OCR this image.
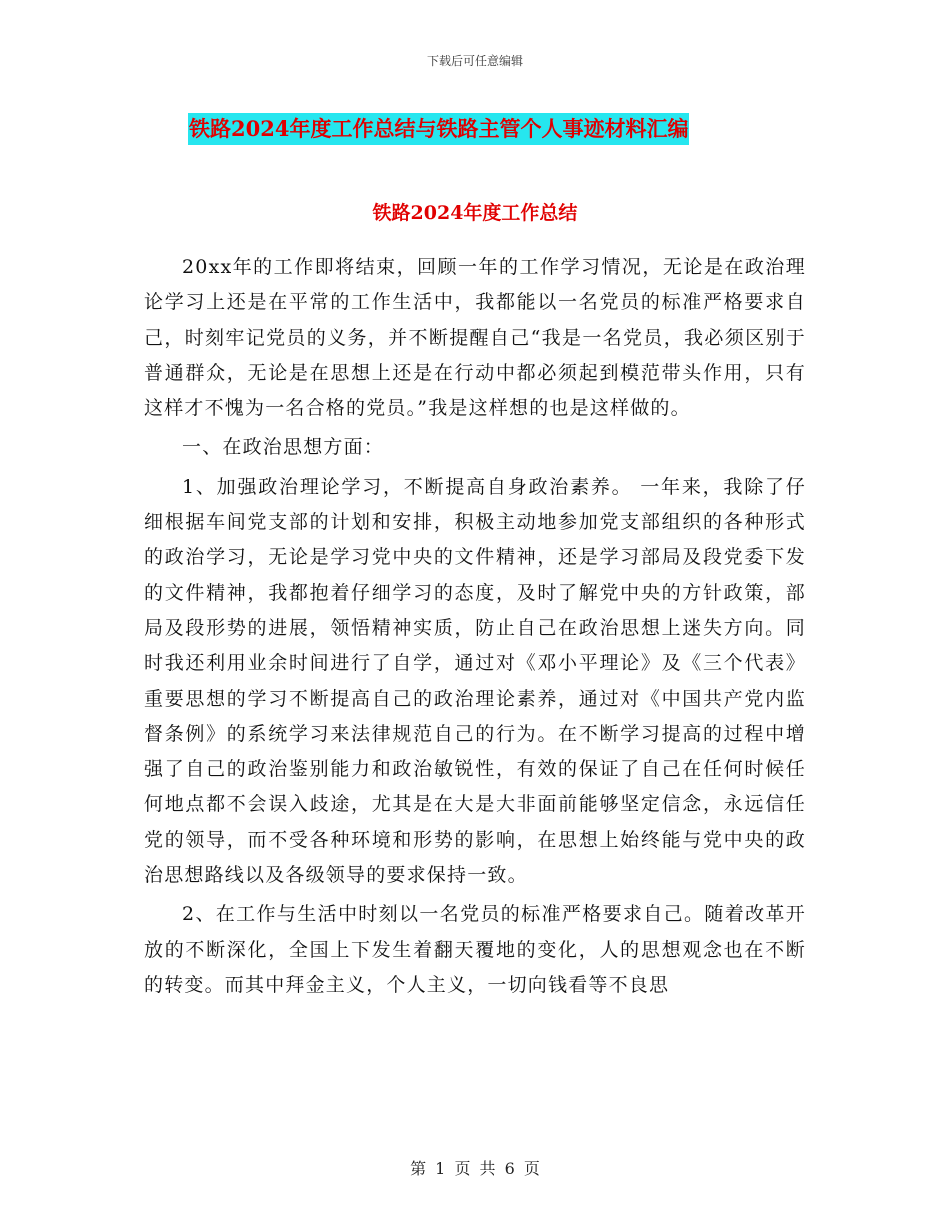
下载后可任意编辑
铁路2024年度工作总结与铁路主管个人事迹材料汇编
铁路2024年度工作总结

20xx年的工作即将结束，回顾一年的工作学习情况，无论是在政治理论学习上还是在平常的工作生活中，我都能以一名党员的标准严格要求自己，时刻牢记党员的义务，并不断提醒自己“我是一名党员，我必须区别于普通群众，无论是在思想上还是在行动中都必须起到模范带头作用，只有这样才不愧为一名合格的党员。”我是这样想的也是这样做的。

一、在政治思想方面：

1、加强政治理论学习，不断提高自身政治素养。 一年来，我除了仔细根据车间党支部的计划和安排，积极主动地参加党支部组织的各种形式的政治学习，无论是学习党中央的文件精神，还是学习部局及段党委下发的文件精神，我都抱着仔细学习的态度，及时了解党中央的方针政策，部局及段形势的进展，领悟精神实质，防止自己在政治思想上迷失方向。同时我还利用业余时间进行了自学，通过对《邓小平理论》及《三个代表》重要思想的学习不断提高自己的政治理论素养，通过对《中国共产党内监督条例》的系统学习来法律规范自己的行为。在不断学习提高的过程中增强了自己的政治鉴别能力和政治敏锐性，有效的保证了自己在任何时候任何地点都不会误入歧途，尤其是在大是大非面前能够坚定信念，永远信任党的领导，而不受各种环境和形势的影响，在思想上始终能与党中央的政治思想路线以及各级领导的要求保持一致。

2、在工作与生活中时刻以一名党员的标准严格要求自己。随着改革开放的不断深化，全国上下发生着翻天覆地的变化，人的思想观念也在不断的转变。而其中拜金主义，个人主义，一切向钱看等不良思

第 1 页 共 6 页
